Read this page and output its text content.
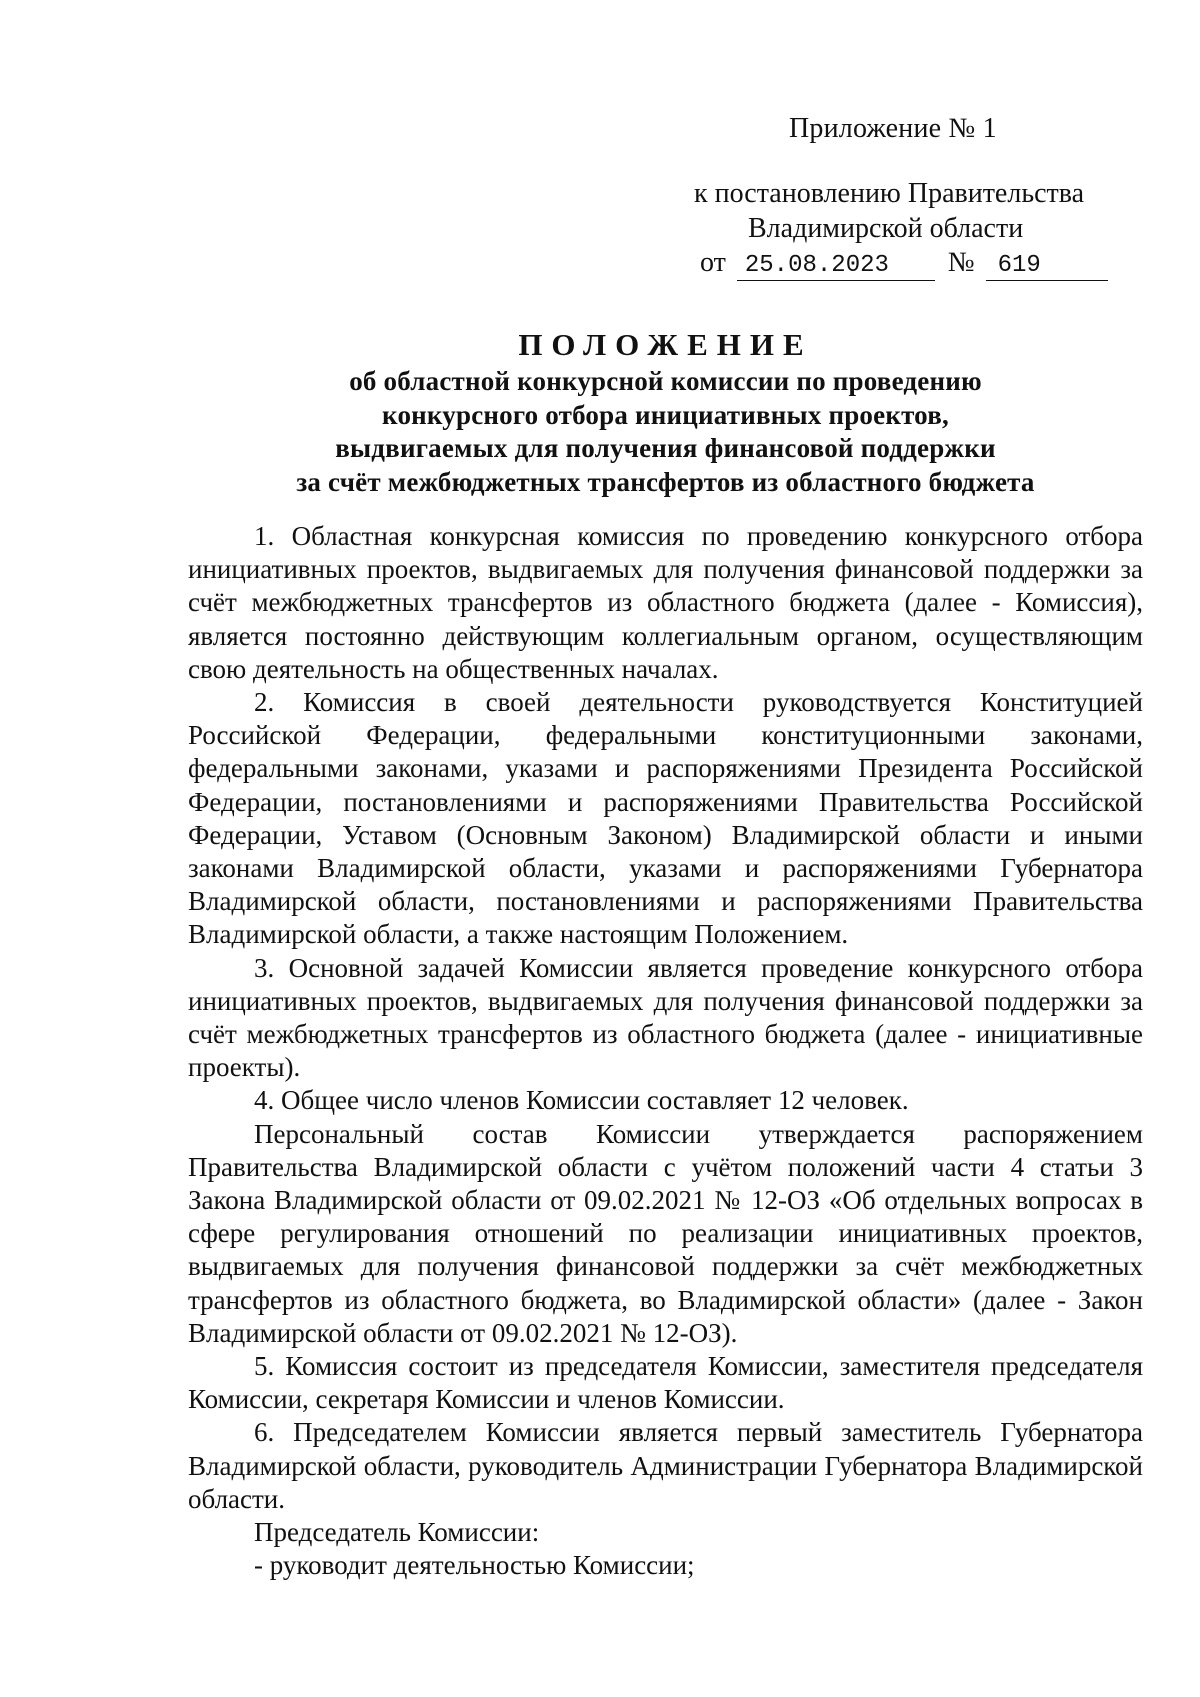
Приложение № 1
к постановлению Правительства
Владимирской области
от 25.08.2023 № 619
ПОЛОЖЕНИЕ
об областной конкурсной комиссии по проведению
конкурсного отбора инициативных проектов,
выдвигаемых для получения финансовой поддержки
за счёт межбюджетных трансфертов из областного бюджета

1. Областная конкурсная комиссия по проведению конкурсного отбора инициативных проектов, выдвигаемых для получения финансовой поддержки за счёт межбюджетных трансфертов из областного бюджета (далее - Комиссия), является постоянно действующим коллегиальным органом, осуществляющим свою деятельность на общественных началах.

2. Комиссия в своей деятельности руководствуется Конституцией Российской Федерации, федеральными конституционными законами, федеральными законами, указами и распоряжениями Президента Российской Федерации, постановлениями и распоряжениями Правительства Российской Федерации, Уставом (Основным Законом) Владимирской области и иными законами Владимирской области, указами и распоряжениями Губернатора Владимирской области, постановлениями и распоряжениями Правительства Владимирской области, а также настоящим Положением.

3. Основной задачей Комиссии является проведение конкурсного отбора инициативных проектов, выдвигаемых для получения финансовой поддержки за счёт межбюджетных трансфертов из областного бюджета (далее - инициативные проекты).

4. Общее число членов Комиссии составляет 12 человек.

Персональный состав Комиссии утверждается распоряжением Правительства Владимирской области с учётом положений части 4 статьи 3 Закона Владимирской области от 09.02.2021 № 12-ОЗ «Об отдельных вопросах в сфере регулирования отношений по реализации инициативных проектов, выдвигаемых для получения финансовой поддержки за счёт межбюджетных трансфертов из областного бюджета, во Владимирской области» (далее - Закон Владимирской области от 09.02.2021 № 12-ОЗ).

5. Комиссия состоит из председателя Комиссии, заместителя председателя Комиссии, секретаря Комиссии и членов Комиссии.

6. Председателем Комиссии является первый заместитель Губернатора Владимирской области, руководитель Администрации Губернатора Владимирской области.

Председатель Комиссии:

- руководит деятельностью Комиссии;
